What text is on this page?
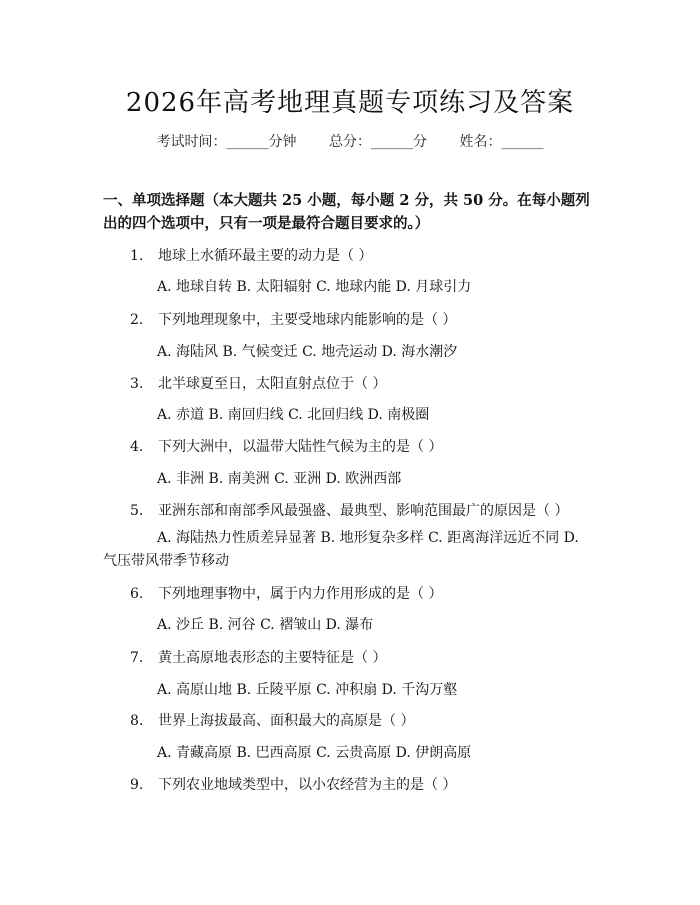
2026年高考地理真题专项练习及答案
考试时间：______分钟 总分：______分 姓名：______
一、单项选择题（本大题共 25 小题，每小题 2 分，共 50 分。在每小题列出的四个选项中，只有一项是最符合题目要求的。）
1. 地球上水循环最主要的动力是（ ）
A. 地球自转 B. 太阳辐射 C. 地球内能 D. 月球引力
2. 下列地理现象中，主要受地球内能影响的是（ ）
A. 海陆风 B. 气候变迁 C. 地壳运动 D. 海水潮汐
3. 北半球夏至日，太阳直射点位于（ ）
A. 赤道 B. 南回归线 C. 北回归线 D. 南极圈
4. 下列大洲中，以温带大陆性气候为主的是（ ）
A. 非洲 B. 南美洲 C. 亚洲 D. 欧洲西部
5. 亚洲东部和南部季风最强盛、最典型、影响范围最广的原因是（ ）
A. 海陆热力性质差异显著 B. 地形复杂多样 C. 距离海洋远近不同 D. 气压带风带季节移动
6. 下列地理事物中，属于内力作用形成的是（ ）
A. 沙丘 B. 河谷 C. 褶皱山 D. 瀑布
7. 黄土高原地表形态的主要特征是（ ）
A. 高原山地 B. 丘陵平原 C. 冲积扇 D. 千沟万壑
8. 世界上海拔最高、面积最大的高原是（ ）
A. 青藏高原 B. 巴西高原 C. 云贵高原 D. 伊朗高原
9. 下列农业地域类型中，以小农经营为主的是（ ）
